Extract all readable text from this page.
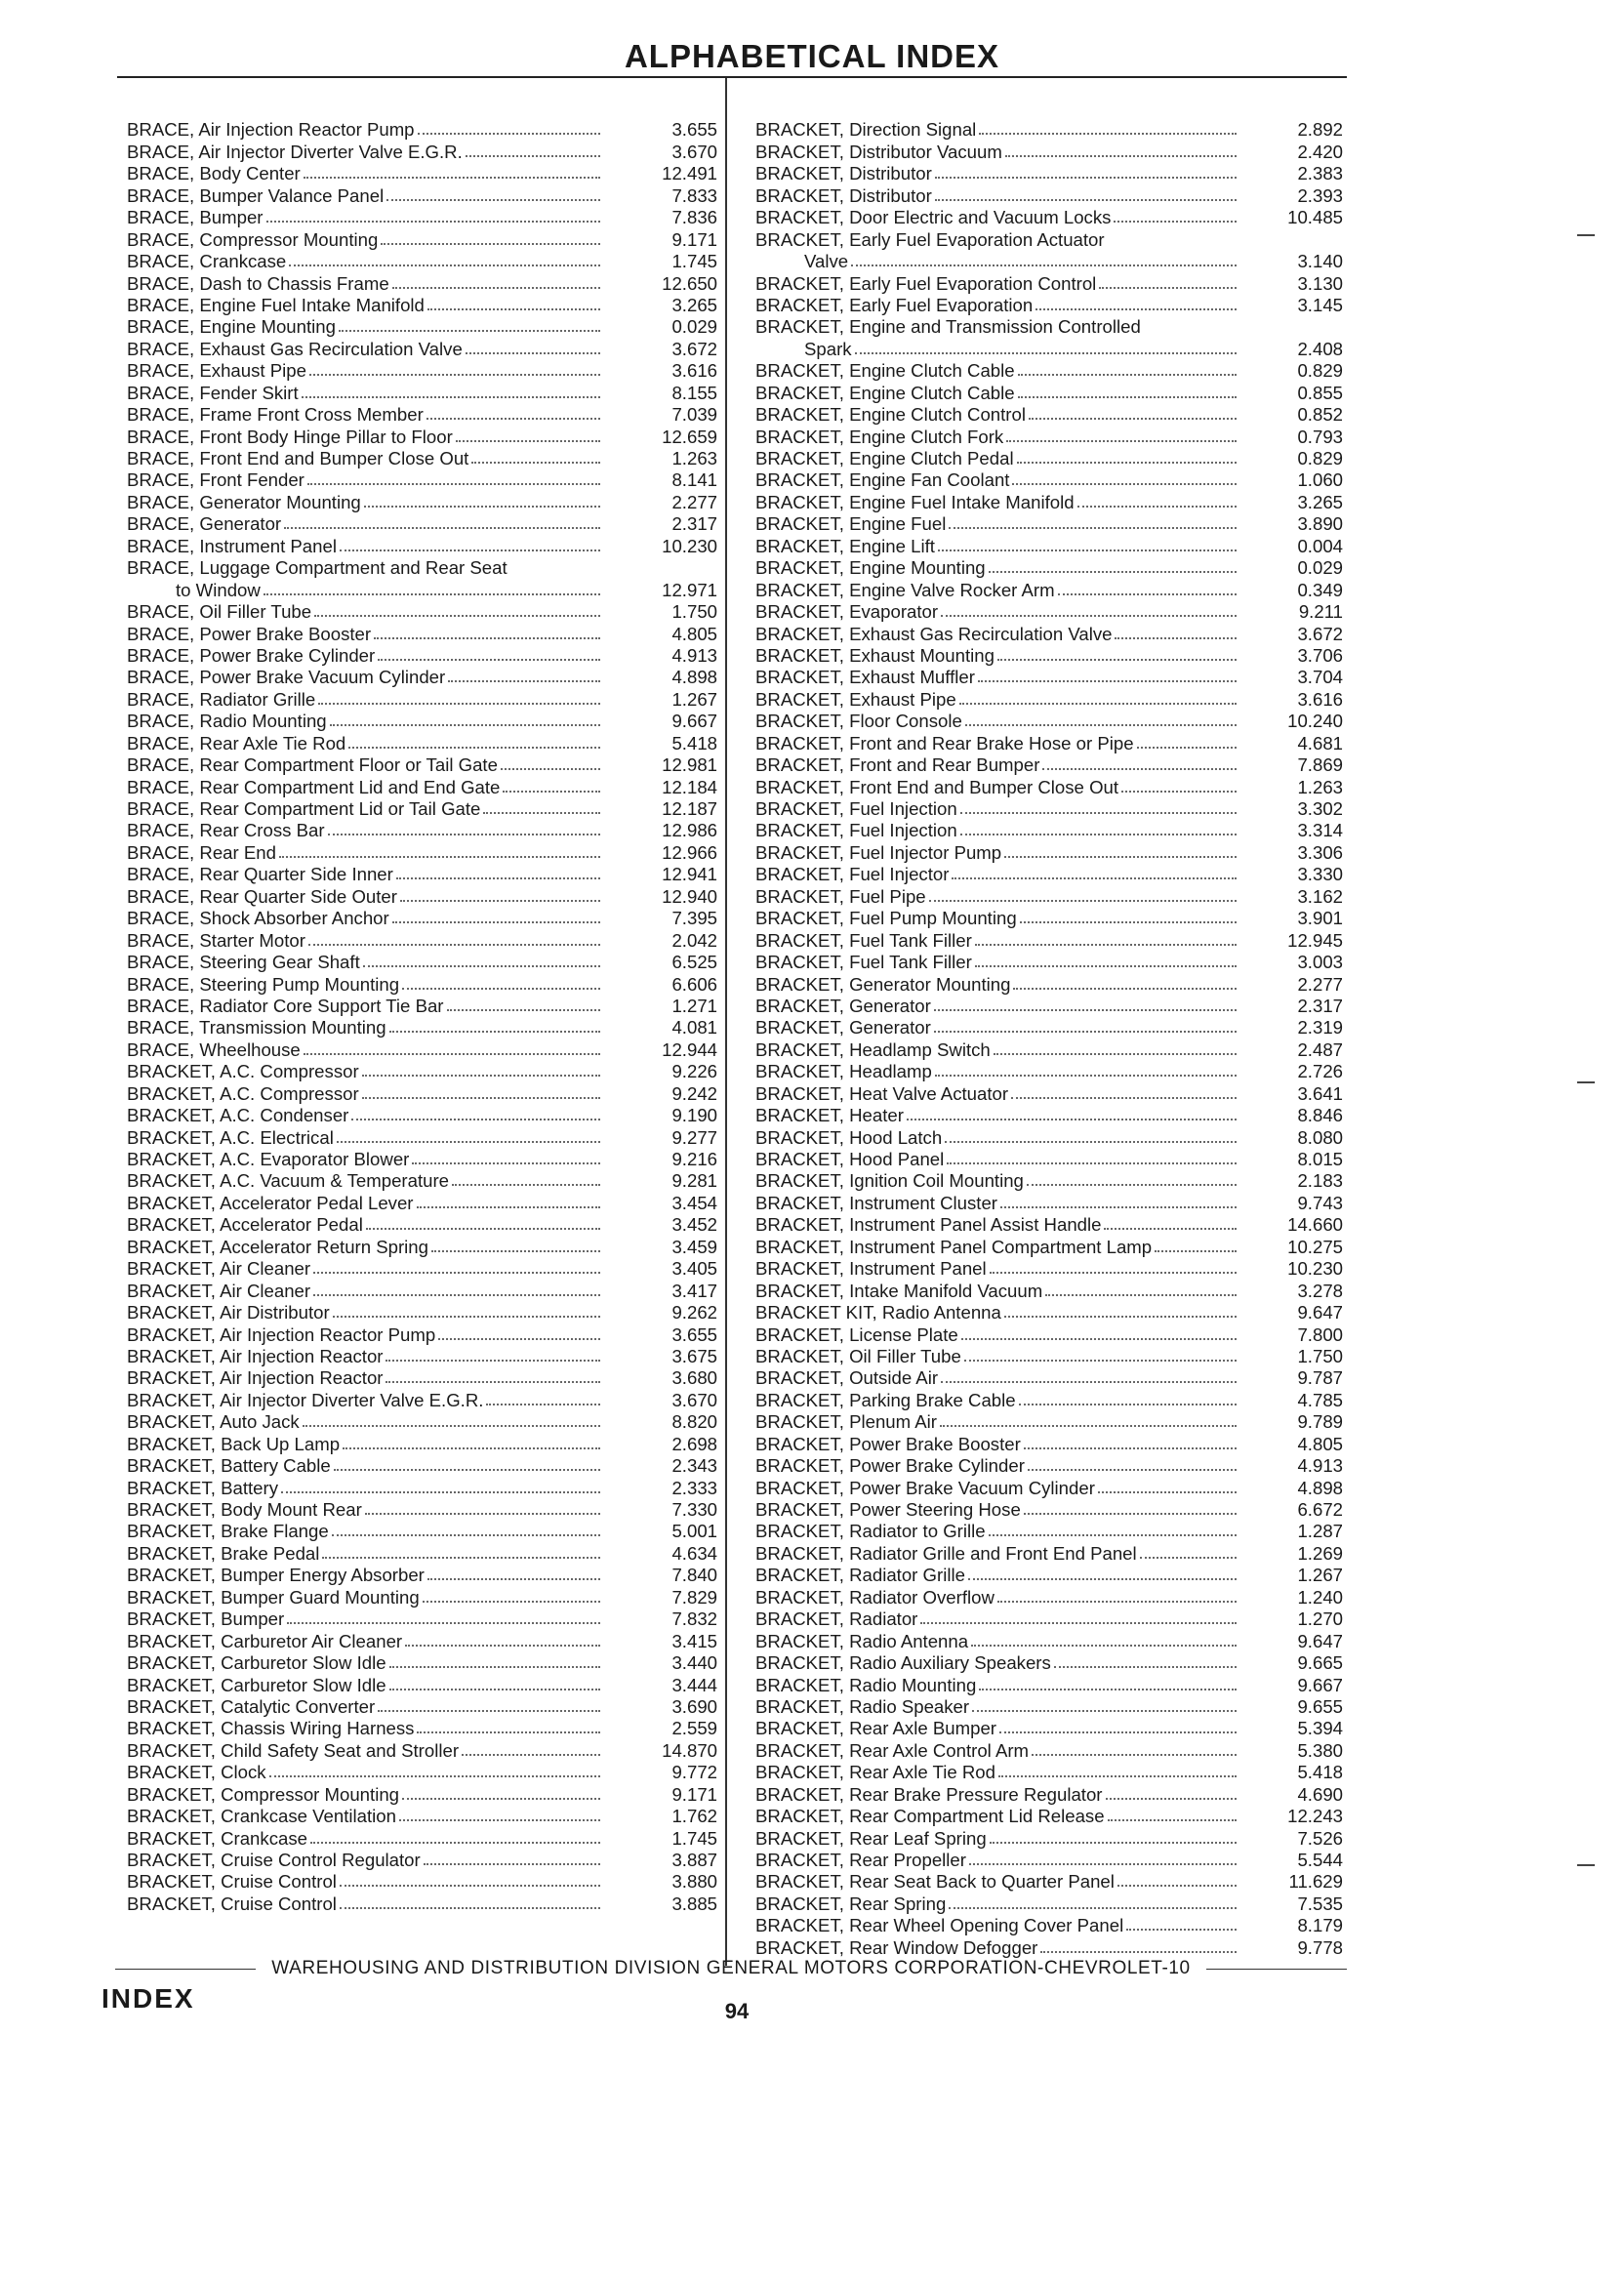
ALPHABETICAL INDEX
BRACE, Air Injection Reactor Pump	3.655
BRACE, Air Injector Diverter Valve E.G.R.	3.670
BRACE, Body Center	12.491
BRACE, Bumper Valance Panel	7.833
BRACE, Bumper	7.836
BRACE, Compressor Mounting	9.171
BRACE, Crankcase	1.745
BRACE, Dash to Chassis Frame	12.650
BRACE, Engine Fuel Intake Manifold	3.265
BRACE, Engine Mounting	0.029
BRACE, Exhaust Gas Recirculation Valve	3.672
BRACE, Exhaust Pipe	3.616
BRACE, Fender Skirt	8.155
BRACE, Frame Front Cross Member	7.039
BRACE, Front Body Hinge Pillar to Floor	12.659
BRACE, Front End and Bumper Close Out	1.263
BRACE, Front Fender	8.141
BRACE, Generator Mounting	2.277
BRACE, Generator	2.317
BRACE, Instrument Panel	10.230
BRACE, Luggage Compartment and Rear Seat
to Window	12.971
BRACE, Oil Filler Tube	1.750
BRACE, Power Brake Booster	4.805
BRACE, Power Brake Cylinder	4.913
BRACE, Power Brake Vacuum Cylinder	4.898
BRACE, Radiator Grille	1.267
BRACE, Radio Mounting	9.667
BRACE, Rear Axle Tie Rod	5.418
BRACE, Rear Compartment Floor or Tail Gate	12.981
BRACE, Rear Compartment Lid and End Gate	12.184
BRACE, Rear Compartment Lid or Tail Gate	12.187
BRACE, Rear Cross Bar	12.986
BRACE, Rear End	12.966
BRACE, Rear Quarter Side Inner	12.941
BRACE, Rear Quarter Side Outer	12.940
BRACE, Shock Absorber Anchor	7.395
BRACE, Starter Motor	2.042
BRACE, Steering Gear Shaft	6.525
BRACE, Steering Pump Mounting	6.606
BRACE, Radiator Core Support Tie Bar	1.271
BRACE, Transmission Mounting	4.081
BRACE, Wheelhouse	12.944
BRACKET, A.C. Compressor	9.226
BRACKET, A.C. Compressor	9.242
BRACKET, A.C. Condenser	9.190
BRACKET, A.C. Electrical	9.277
BRACKET, A.C. Evaporator Blower	9.216
BRACKET, A.C. Vacuum & Temperature	9.281
BRACKET, Accelerator Pedal Lever	3.454
BRACKET, Accelerator Pedal	3.452
BRACKET, Accelerator Return Spring	3.459
BRACKET, Air Cleaner	3.405
BRACKET, Air Cleaner	3.417
BRACKET, Air Distributor	9.262
BRACKET, Air Injection Reactor Pump	3.655
BRACKET, Air Injection Reactor	3.675
BRACKET, Air Injection Reactor	3.680
BRACKET, Air Injector Diverter Valve E.G.R.	3.670
BRACKET, Auto Jack	8.820
BRACKET, Back Up Lamp	2.698
BRACKET, Battery Cable	2.343
BRACKET, Battery	2.333
BRACKET, Body Mount Rear	7.330
BRACKET, Brake Flange	5.001
BRACKET, Brake Pedal	4.634
BRACKET, Bumper Energy Absorber	7.840
BRACKET, Bumper Guard Mounting	7.829
BRACKET, Bumper	7.832
BRACKET, Carburetor Air Cleaner	3.415
BRACKET, Carburetor Slow Idle	3.440
BRACKET, Carburetor Slow Idle	3.444
BRACKET, Catalytic Converter	3.690
BRACKET, Chassis Wiring Harness	2.559
BRACKET, Child Safety Seat and Stroller	14.870
BRACKET, Clock	9.772
BRACKET, Compressor Mounting	9.171
BRACKET, Crankcase Ventilation	1.762
BRACKET, Crankcase	1.745
BRACKET, Cruise Control Regulator	3.887
BRACKET, Cruise Control	3.880
BRACKET, Cruise Control	3.885
BRACKET, Direction Signal	2.892
BRACKET, Distributor Vacuum	2.420
BRACKET, Distributor	2.383
BRACKET, Distributor	2.393
BRACKET, Door Electric and Vacuum Locks	10.485
BRACKET, Early Fuel Evaporation Actuator
Valve	3.140
BRACKET, Early Fuel Evaporation Control	3.130
BRACKET, Early Fuel Evaporation	3.145
BRACKET, Engine and Transmission Controlled
Spark	2.408
BRACKET, Engine Clutch Cable	0.829
BRACKET, Engine Clutch Cable	0.855
BRACKET, Engine Clutch Control	0.852
BRACKET, Engine Clutch Fork	0.793
BRACKET, Engine Clutch Pedal	0.829
BRACKET, Engine Fan Coolant	1.060
BRACKET, Engine Fuel Intake Manifold	3.265
BRACKET, Engine Fuel	3.890
BRACKET, Engine Lift	0.004
BRACKET, Engine Mounting	0.029
BRACKET, Engine Valve Rocker Arm	0.349
BRACKET, Evaporator	9.211
BRACKET, Exhaust Gas Recirculation Valve	3.672
BRACKET, Exhaust Mounting	3.706
BRACKET, Exhaust Muffler	3.704
BRACKET, Exhaust Pipe	3.616
BRACKET, Floor Console	10.240
BRACKET, Front and Rear Brake Hose or Pipe	4.681
BRACKET, Front and Rear Bumper	7.869
BRACKET, Front End and Bumper Close Out	1.263
BRACKET, Fuel Injection	3.302
BRACKET, Fuel Injection	3.314
BRACKET, Fuel Injector Pump	3.306
BRACKET, Fuel Injector	3.330
BRACKET, Fuel Pipe	3.162
BRACKET, Fuel Pump Mounting	3.901
BRACKET, Fuel Tank Filler	12.945
BRACKET, Fuel Tank Filler	3.003
BRACKET, Generator Mounting	2.277
BRACKET, Generator	2.317
BRACKET, Generator	2.319
BRACKET, Headlamp Switch	2.487
BRACKET, Headlamp	2.726
BRACKET, Heat Valve Actuator	3.641
BRACKET, Heater	8.846
BRACKET, Hood Latch	8.080
BRACKET, Hood Panel	8.015
BRACKET, Ignition Coil Mounting	2.183
BRACKET, Instrument Cluster	9.743
BRACKET, Instrument Panel Assist Handle	14.660
BRACKET, Instrument Panel Compartment Lamp	10.275
BRACKET, Instrument Panel	10.230
BRACKET, Intake Manifold Vacuum	3.278
BRACKET KIT, Radio Antenna	9.647
BRACKET, License Plate	7.800
BRACKET, Oil Filler Tube	1.750
BRACKET, Outside Air	9.787
BRACKET, Parking Brake Cable	4.785
BRACKET, Plenum Air	9.789
BRACKET, Power Brake Booster	4.805
BRACKET, Power Brake Cylinder	4.913
BRACKET, Power Brake Vacuum Cylinder	4.898
BRACKET, Power Steering Hose	6.672
BRACKET, Radiator to Grille	1.287
BRACKET, Radiator Grille and Front End Panel	1.269
BRACKET, Radiator Grille	1.267
BRACKET, Radiator Overflow	1.240
BRACKET, Radiator	1.270
BRACKET, Radio Antenna	9.647
BRACKET, Radio Auxiliary Speakers	9.665
BRACKET, Radio Mounting	9.667
BRACKET, Radio Speaker	9.655
BRACKET, Rear Axle Bumper	5.394
BRACKET, Rear Axle Control Arm	5.380
BRACKET, Rear Axle Tie Rod	5.418
BRACKET, Rear Brake Pressure Regulator	4.690
BRACKET, Rear Compartment Lid Release	12.243
BRACKET, Rear Leaf Spring	7.526
BRACKET, Rear Propeller	5.544
BRACKET, Rear Seat Back to Quarter Panel	11.629
BRACKET, Rear Spring	7.535
BRACKET, Rear Wheel Opening Cover Panel	8.179
BRACKET, Rear Window Defogger	9.778
WAREHOUSING AND DISTRIBUTION DIVISION GENERAL MOTORS CORPORATION-CHEVROLET-10
INDEX	94
